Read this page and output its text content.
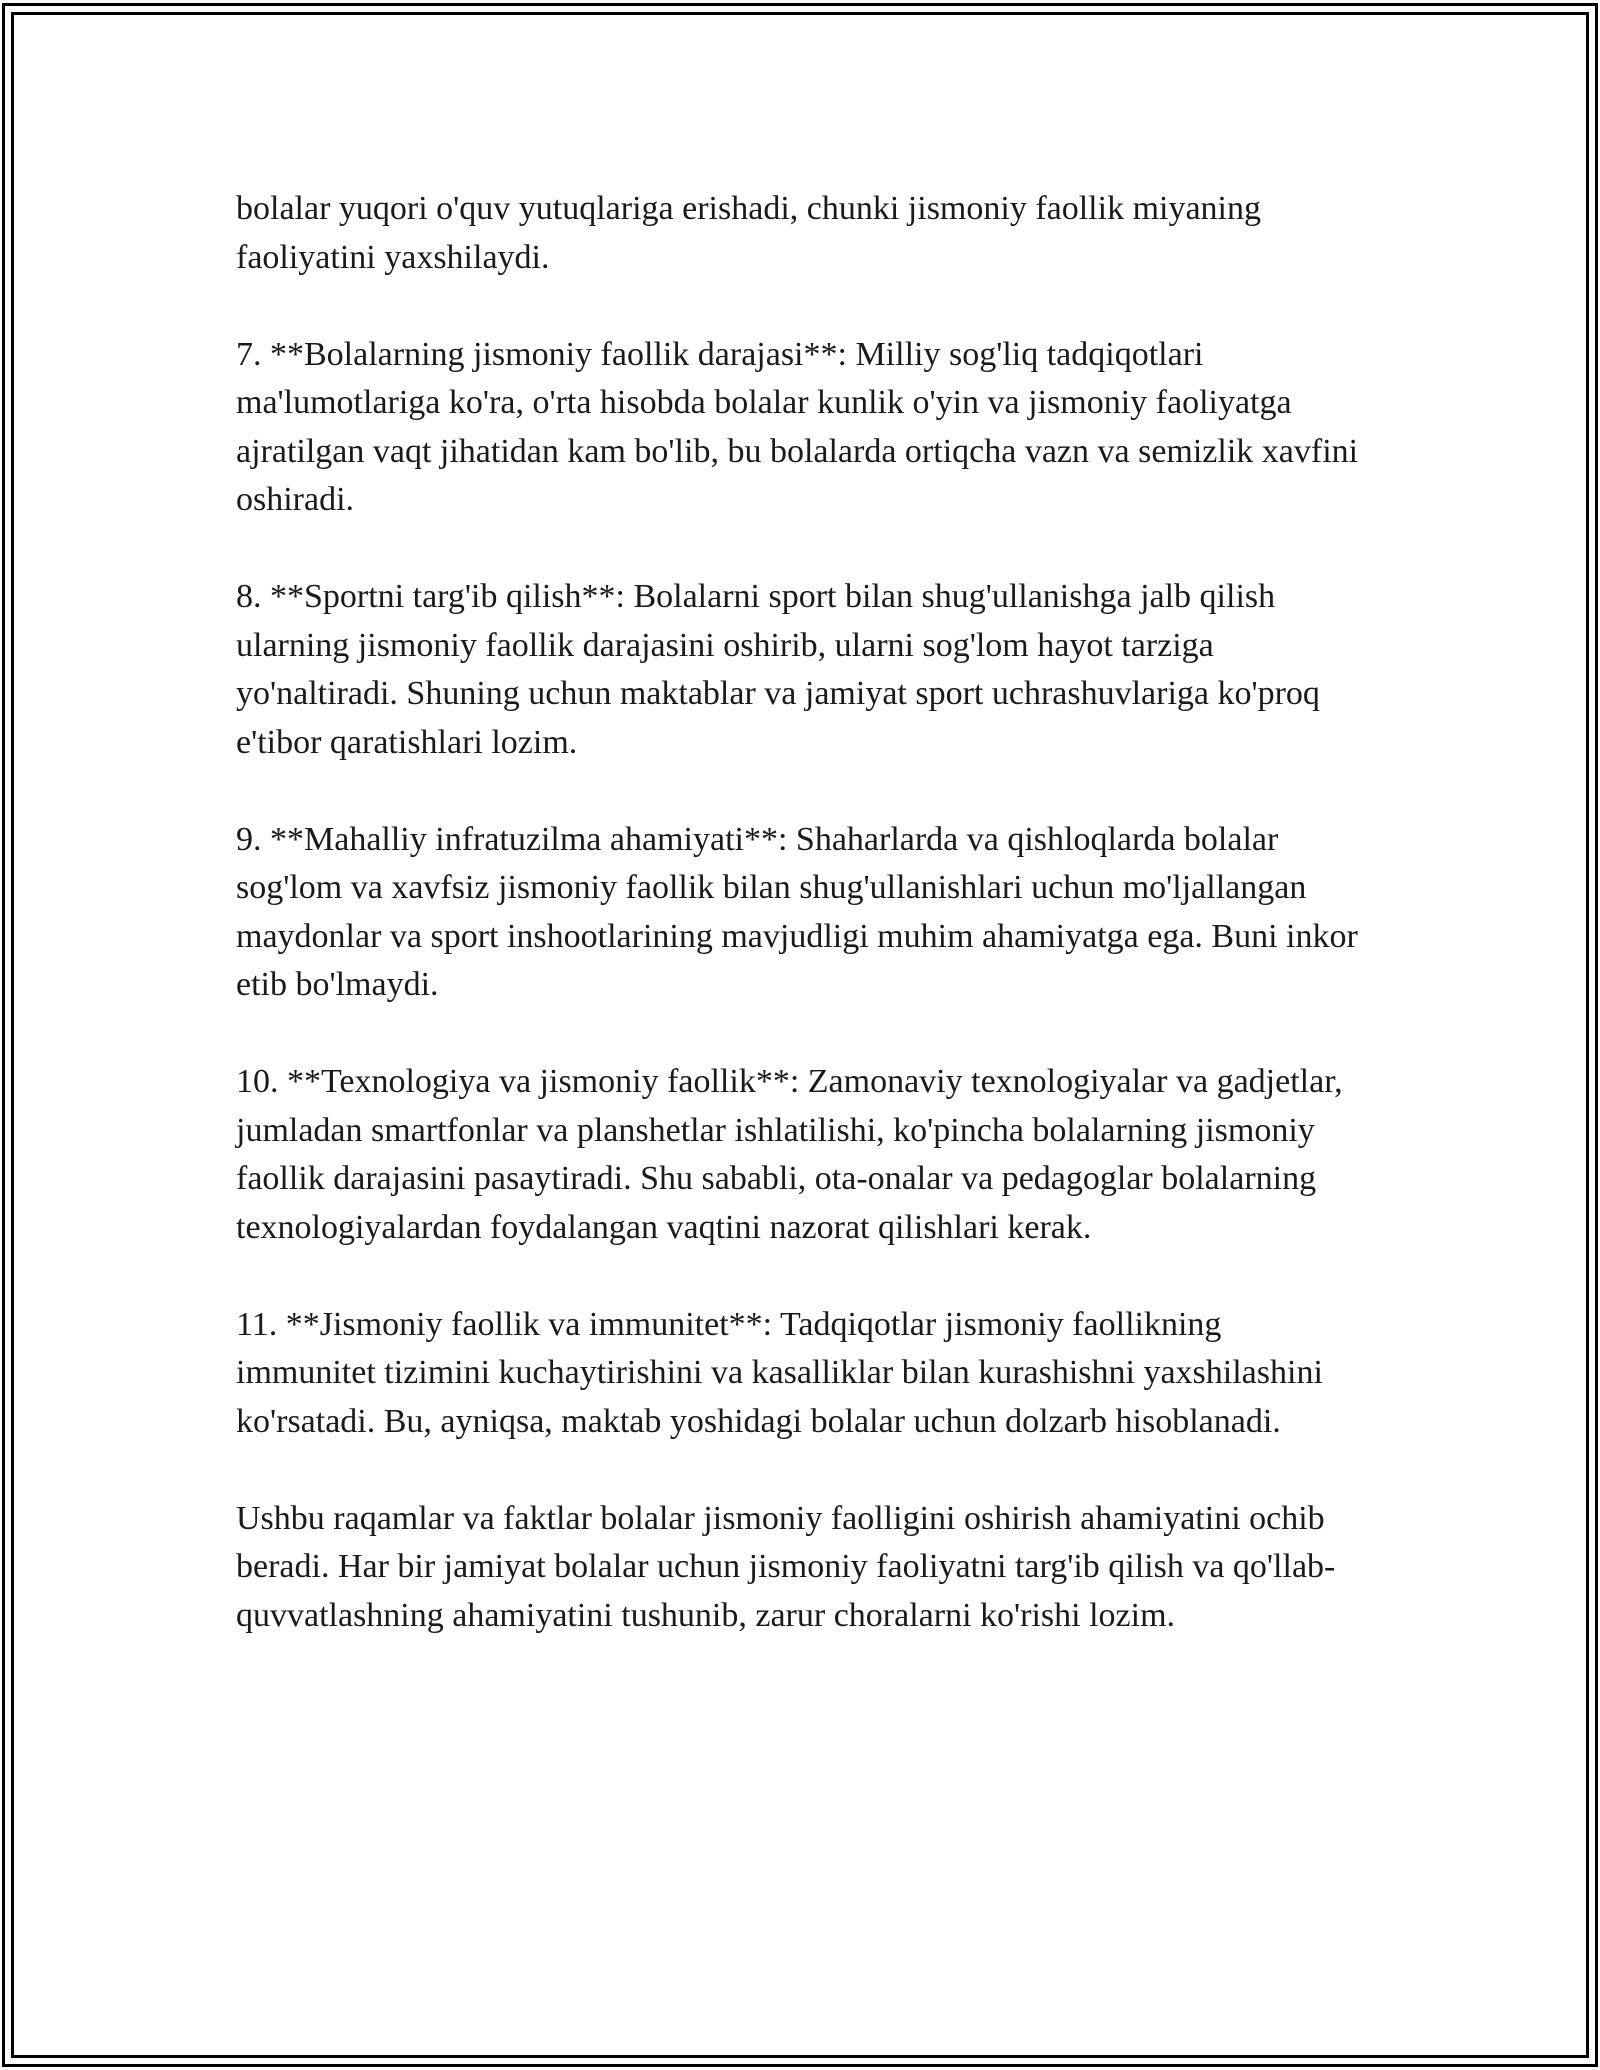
bolalar yuqori o'quv yutuqlariga erishadi, chunki jismoniy faollik miyaning faoliyatini yaxshilaydi.

7. **Bolalarning jismoniy faollik darajasi**: Milliy sog'liq tadqiqotlari ma'lumotlariga ko'ra, o'rta hisobda bolalar kunlik o'yin va jismoniy faoliyatga ajratilgan vaqt jihatidan kam bo'lib, bu bolalarda ortiqcha vazn va semizlik xavfini oshiradi.

8. **Sportni targ'ib qilish**: Bolalarni sport bilan shug'ullanishga jalb qilish ularning jismoniy faollik darajasini oshirib, ularni sog'lom hayot tarziga yo'naltiradi. Shuning uchun maktablar va jamiyat sport uchrashuvlariga ko'proq e'tibor qaratishlari lozim.

9. **Mahalliy infratuzilma ahamiyati**: Shaharlarda va qishloqlarda bolalar sog'lom va xavfsiz jismoniy faollik bilan shug'ullanishlari uchun mo'ljallangan maydonlar va sport inshootlarining mavjudligi muhim ahamiyatga ega. Buni inkor etib bo'lmaydi.

10. **Texnologiya va jismoniy faollik**: Zamonaviy texnologiyalar va gadjetlar, jumladan smartfonlar va planshetlar ishlatilishi, ko'pincha bolalarning jismoniy faollik darajasini pasaytiradi. Shu sababli, ota-onalar va pedagoglar bolalarning texnologiyalardan foydalangan vaqtini nazorat qilishlari kerak.

11. **Jismoniy faollik va immunitet**: Tadqiqotlar jismoniy faollikning immunitet tizimini kuchaytirishini va kasalliklar bilan kurashishni yaxshilashini ko'rsatadi. Bu, ayniqsa, maktab yoshidagi bolalar uchun dolzarb hisoblanadi.

Ushbu raqamlar va faktlar bolalar jismoniy faolligini oshirish ahamiyatini ochib beradi. Har bir jamiyat bolalar uchun jismoniy faoliyatni targ'ib qilish va qo'llab-quvvatlashning ahamiyatini tushunib, zarur choralarni ko'rishi lozim.
